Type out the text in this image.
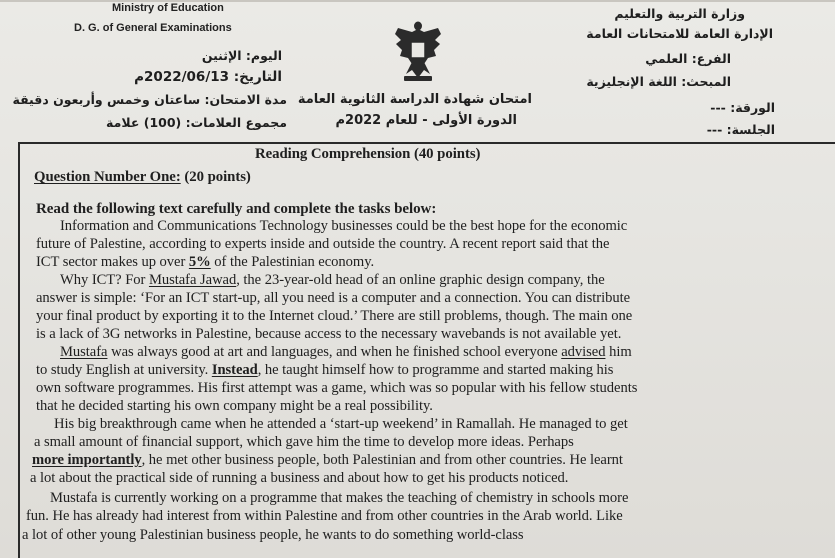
Ministry of Education
D. G. of General Examinations
اليوم: الإثنين
التاريخ: 2022/06/13م
مدة الامتحان: ساعتان وخمس وأربعون دقيقة
مجموع العلامات: (100) علامة
امتحان شهادة الدراسة الثانوية العامة
الدورة الأولى - للعام 2022م
وزارة التربية والتعليم
الإدارة العامة للامتحانات العامة
الفرع: العلمي
المبحث: اللغة الإنجليزية
الورقة: ---
الجلسة: ---
Reading Comprehension (40 points)
Question Number One: (20 points)
Read the following text carefully and complete the tasks below:
Information and Communications Technology businesses could be the best hope for the economic
future of Palestine, according to experts inside and outside the country. A recent report said that the
ICT sector makes up over 5% of the Palestinian economy.
Why ICT? For Mustafa Jawad, the 23-year-old head of an online graphic design company, the
answer is simple: ‘For an ICT start-up, all you need is a computer and a connection. You can distribute
your final product by exporting it to the Internet cloud.’ There are still problems, though. The main one
is a lack of 3G networks in Palestine, because access to the necessary wavebands is not available yet.
Mustafa was always good at art and languages, and when he finished school everyone advised him
to study English at university. Instead, he taught himself how to programme and started making his
own software programmes. His first attempt was a game, which was so popular with his fellow students
that he decided starting his own company might be a real possibility.
His big breakthrough came when he attended a ‘start-up weekend’ in Ramallah. He managed to get
a small amount of financial support, which gave him the time to develop more ideas. Perhaps
more importantly, he met other business people, both Palestinian and from other countries. He learnt
a lot about the practical side of running a business and about how to get his products noticed.
Mustafa is currently working on a programme that makes the teaching of chemistry in schools more
fun. He has already had interest from within Palestine and from other countries in the Arab world. Like
a lot of other young Palestinian business people, he wants to do something world-class
